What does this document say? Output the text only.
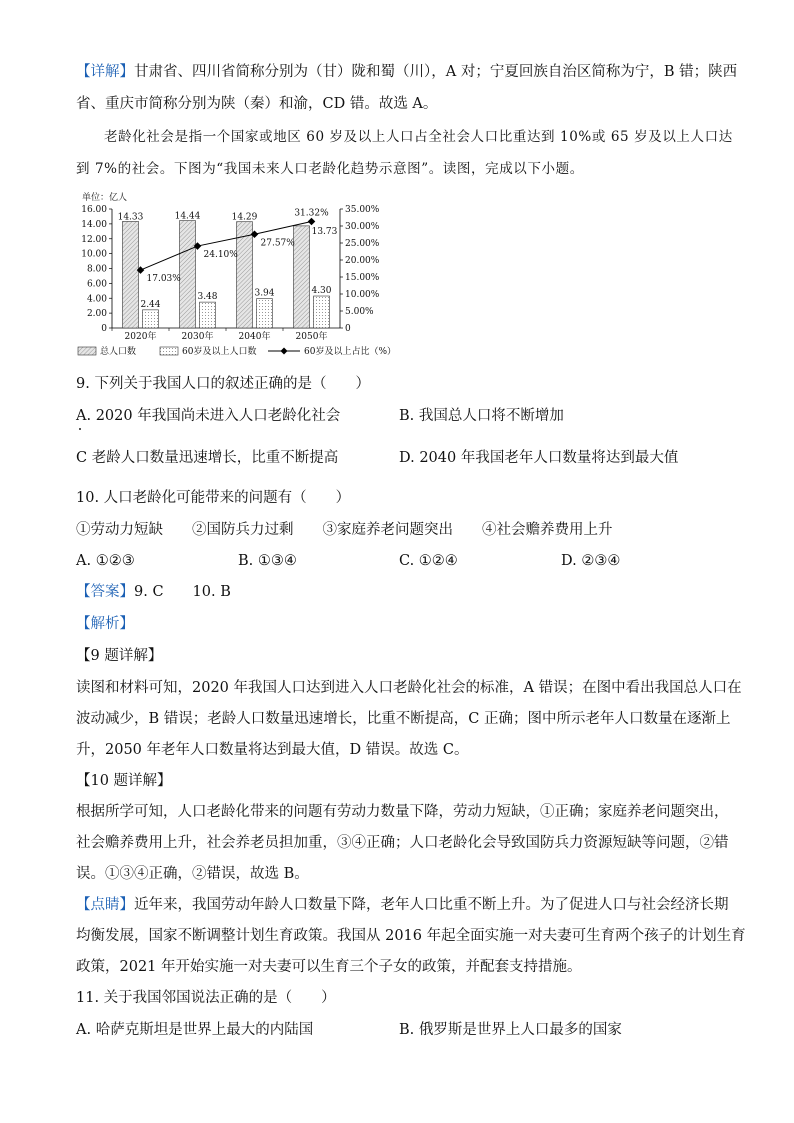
【详解】甘肃省、四川省简称分别为（甘）陇和蜀（川），A 对；宁夏回族自治区简称为宁，B 错；陕西
省、重庆市简称分别为陕（秦）和渝，CD 错。故选 A。
老龄化社会是指一个国家或地区 60 岁及以上人口占全社会人口比重达到 10%或 65 岁及以上人口达
到 7%的社会。下图为“我国未来人口老龄化趋势示意图”。读图，完成以下小题。
单位：亿人
0
2.00
4.00
6.00
8.00
10.00
12.00
14.00
16.00
0
5.00%
10.00%
15.00%
20.00%
25.00%
30.00%
35.00%
2020年
14.33
2.44
2030年
14.44
3.48
2040年
14.29
3.94
2050年
13.73
4.30
17.03%
24.10%
27.57%
31.32%
总人口数	60岁及以上人口数	60岁及以上占比（%）
9. 下列关于我国人口的叙述正确的是（　　）
A. 2020 年我国尚未进入人口老龄化社会	B. 我国总人口将不断增加
C 老龄人口数量迅速增长，比重不断提高	D. 2040 年我国老年人口数量将达到最大值
10. 人口老龄化可能带来的问题有（　　）
①劳动力短缺　　②国防兵力过剩　　③家庭养老问题突出　　④社会赡养费用上升
A. ①②③	B. ①③④	C. ①②④	D. ②③④
【答案】9. C　　10. B
【解析】
【9 题详解】
读图和材料可知，2020 年我国人口达到进入人口老龄化社会的标准，A 错误；在图中看出我国总人口在
波动减少，B 错误；老龄人口数量迅速增长，比重不断提高，C 正确；图中所示老年人口数量在逐渐上
升，2050 年老年人口数量将达到最大值，D 错误。故选 C。
【10 题详解】
根据所学可知，人口老龄化带来的问题有劳动力数量下降，劳动力短缺，①正确；家庭养老问题突出，
社会赡养费用上升，社会养老员担加重，③④正确；人口老龄化会导致国防兵力资源短缺等问题，②错
误。①③④正确，②错误，故选 B。
【点睛】近年来，我国劳动年龄人口数量下降，老年人口比重不断上升。为了促进人口与社会经济长期
均衡发展，国家不断调整计划生育政策。我国从 2016 年起全面实施一对夫妻可生育两个孩子的计划生育
政策，2021 年开始实施一对夫妻可以生育三个子女的政策，并配套支持措施。
11. 关于我国邻国说法正确的是（　　）
A. 哈萨克斯坦是世界上最大的内陆国	B. 俄罗斯是世界上人口最多的国家
